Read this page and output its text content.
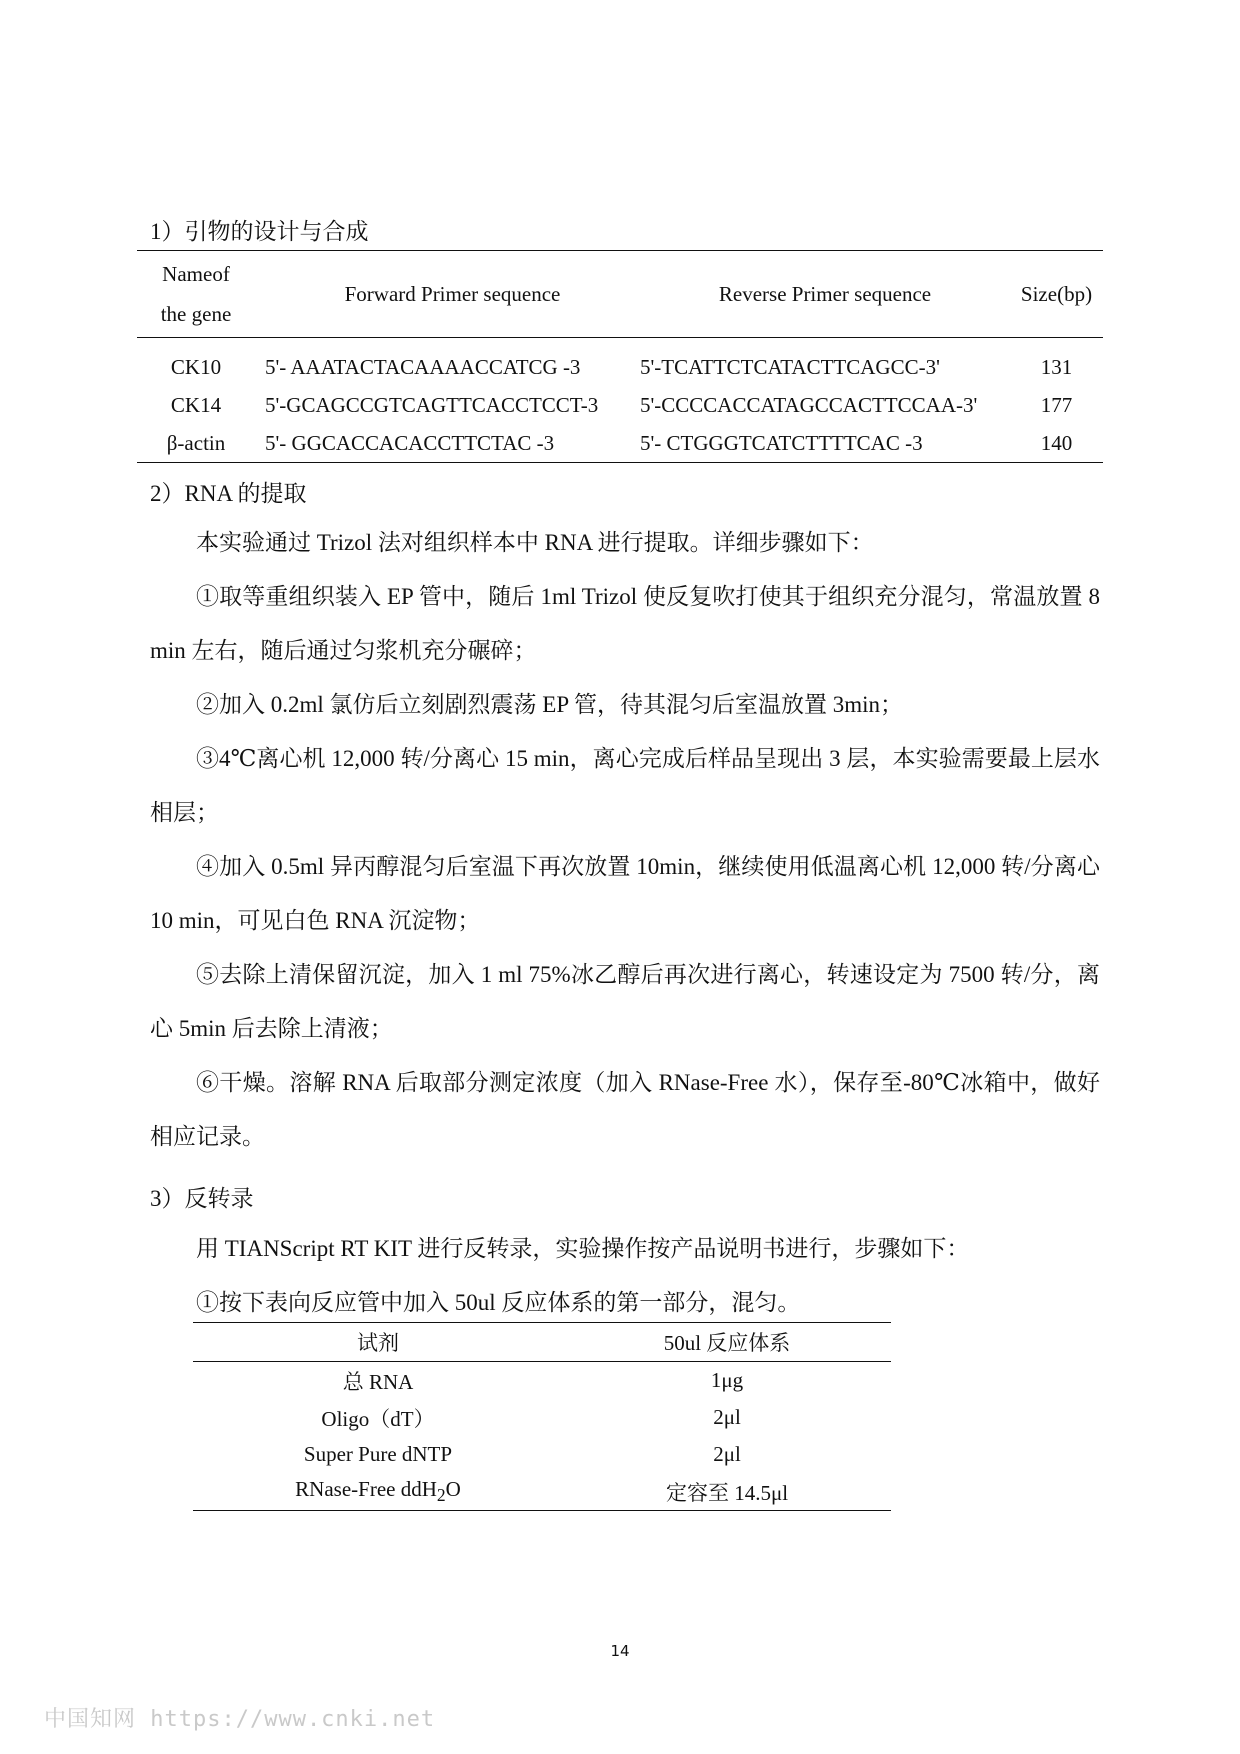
1）引物的设计与合成
Nameof
the gene	Forward Primer sequence	Reverse Primer sequence	Size(bp)

CK10	5'- AAATACTACAAAACCATCG -3	5'-TCATTCTCATACTTCAGCC-3'	131
CK14	5'-GCAGCCGTCAGTTCACCTCCT-3	5'-CCCCACCATAGCCACTTCCAA-3'	177
β-actin	5'- GGCACCACACCTTCTAC -3	5'- CTGGGTCATCTTTTCAC -3	140
2）RNA 的提取

本实验通过 Trizol 法对组织样本中 RNA 进行提取。详细步骤如下：

①取等重组织装入 EP 管中，随后 1ml Trizol 使反复吹打使其于组织充分混匀，常温放置 8 min 左右，随后通过匀浆机充分碾碎；

②加入 0.2ml 氯仿后立刻剧烈震荡 EP 管，待其混匀后室温放置 3min；

③4℃离心机 12,000 转/分离心 15 min，离心完成后样品呈现出 3 层，本实验需要最上层水相层；

④加入 0.5ml 异丙醇混匀后室温下再次放置 10min，继续使用低温离心机 12,000 转/分离心 10 min，可见白色 RNA 沉淀物；

⑤去除上清保留沉淀，加入 1 ml 75%冰乙醇后再次进行离心，转速设定为 7500 转/分，离心 5min 后去除上清液；

⑥干燥。溶解 RNA 后取部分测定浓度（加入 RNase-Free 水），保存至-80℃冰箱中，做好相应记录。

3）反转录

用 TIANScript RT KIT 进行反转录，实验操作按产品说明书进行，步骤如下：

①按下表向反应管中加入 50ul 反应体系的第一部分，混匀。

试剂	50ul 反应体系
总 RNA	1μg
Oligo（dT）	2μl
Super Pure dNTP	2μl
RNase-Free ddH$_2$O	定容至 14.5μl
14
中国知网 https://www.cnki.net
